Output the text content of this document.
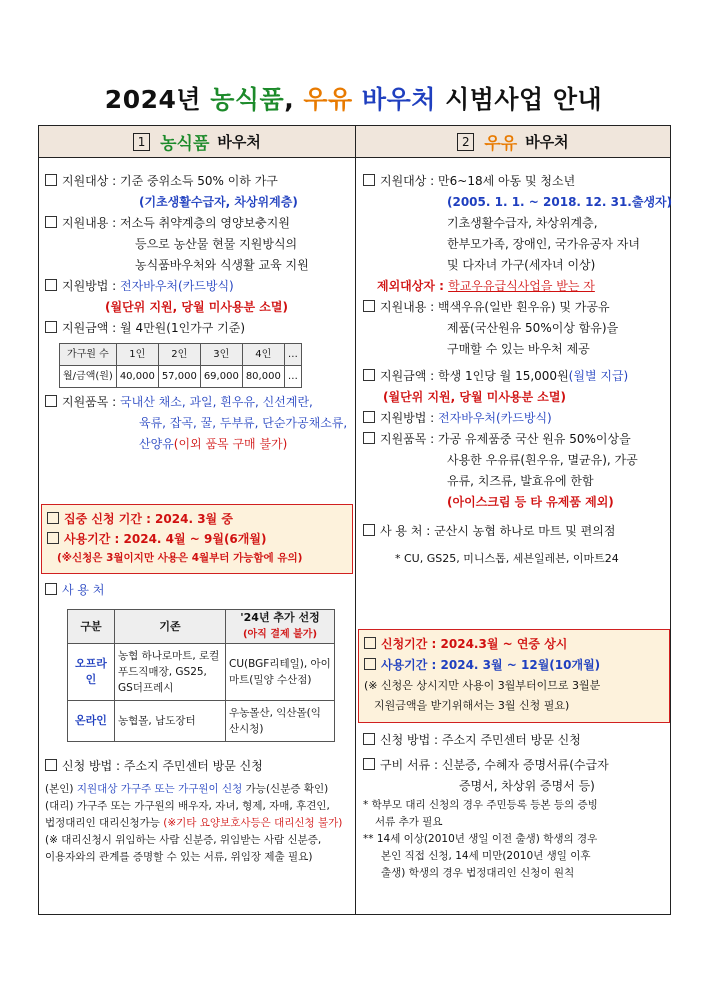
2024년 농식품, 우유 바우처 시범사업 안내
1 농식품 바우처	2 우유 바우처

지원대상 : 기준 중위소득 50% 이하 가구

(기초생활수급자, 차상위계층)

지원내용 : 저소득 취약계층의 영양보충지원

등으로 농산물 현물 지원방식의

농식품바우처와 식생활 교육 지원

지원방법 : 전자바우처(카드방식)

(월단위 지원, 당월 미사용분 소멸)

지원금액 : 월 4만원(1인가구 기준)

가구원 수	1인	2인	3인	4인	…
월/금액(원)	40,000	57,000	69,000	80,000	…

지원품목 : 국내산 채소, 과일, 흰우유, 신선계란,

육류, 잡곡, 꿀, 두부류, 단순가공채소류,

산양유(이외 품목 구매 불가)

집중 신청 기간 : 2024. 3월 중

사용기간 : 2024. 4월 ~ 9월(6개월)

(※신청은 3월이지만 사용은 4월부터 가능함에 유의)

사 용 처

구분	기존	'24년 추가 선정
(아직 결제 불가)
오프라인	농협 하나로마트, 로컬푸드직매장, GS25, GS더프레시	CU(BGF리테일), 아이마트(밀양 수산점)
온라인	농협몰, 남도장터	우농몰산, 익산몰(익산시청)

신청 방법 : 주소지 주민센터 방문 신청

(본인) 지원대상 가구주 또는 가구원이 신청 가능(신분증 확인)

(대리) 가구주 또는 가구원의 배우자, 자녀, 형제, 자매, 후견인,

법정대리인 대리신청가능 (※기타 요양보호사등은 대리신청 불가)

(※ 대리신청시 위임하는 사람 신분증, 위임받는 사람 신분증,

이용자와의 관계를 증명할 수 있는 서류, 위임장 제출 필요)

지원대상 : 만6~18세 아동 및 청소년

(2005. 1. 1. ~ 2018. 12. 31.출생자)

기초생활수급자, 차상위계층,

한부모가족, 장애인, 국가유공자 자녀

및 다자녀 가구(세자녀 이상)

제외대상자 : 학교우유급식사업을 받는 자

지원내용 : 백색우유(일반 흰우유) 및 가공유

제품(국산원유 50%이상 함유)을

구매할 수 있는 바우처 제공

지원금액 : 학생 1인당 월 15,000원(월별 지급)

(월단위 지원, 당월 미사용분 소멸)

지원방법 : 전자바우처(카드방식)

지원품목 : 가공 유제품중 국산 원유 50%이상을

사용한 우유류(흰우유, 멸균유), 가공

유류, 치즈류, 발효유에 한함

(아이스크림 등 타 유제품 제외)

사 용 처 : 군산시 농협 하나로 마트 및 편의점

* CU, GS25, 미니스톱, 세븐일레븐, 이마트24

신청기간 : 2024.3월 ~ 연중 상시

사용기간 : 2024. 3월 ~ 12월(10개월)

(※ 신청은 상시지만 사용이 3월부터이므로 3월분

지원금액을 받기위해서는 3월 신청 필요)

신청 방법 : 주소지 주민센터 방문 신청

구비 서류 : 신분증, 수혜자 증명서류(수급자

증명서, 차상위 증명서 등)

* 학부모 대리 신청의 경우 주민등록 등본 등의 증빙

서류 추가 필요

** 14세 이상(2010년 생일 이전 출생) 학생의 경우

본인 직접 신청, 14세 미만(2010년 생일 이후

출생) 학생의 경우 법정대리인 신청이 원칙
